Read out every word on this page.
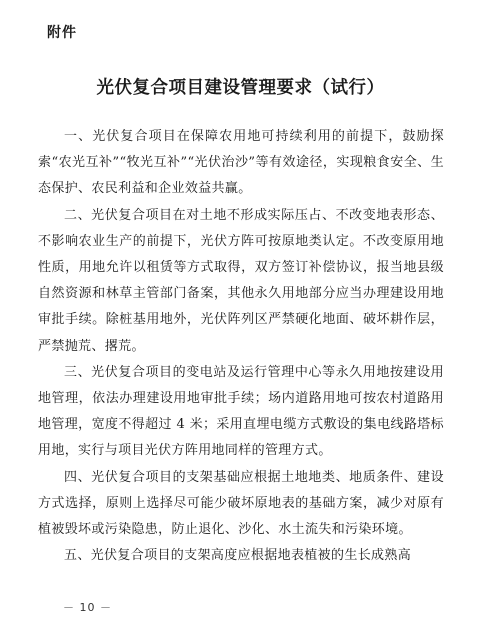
附件
光伏复合项目建设管理要求（试行）

一、光伏复合项目在保障农用地可持续利用的前提下，鼓励探索“农光互补”“牧光互补”“光伏治沙”等有效途径，实现粮食安全、生态保护、农民利益和企业效益共赢。

二、光伏复合项目在对土地不形成实际压占、不改变地表形态、不影响农业生产的前提下，光伏方阵可按原地类认定。不改变原用地性质，用地允许以租赁等方式取得，双方签订补偿协议，报当地县级自然资源和林草主管部门备案，其他永久用地部分应当办理建设用地审批手续。除桩基用地外，光伏阵列区严禁硬化地面、破坏耕作层，严禁抛荒、撂荒。

三、光伏复合项目的变电站及运行管理中心等永久用地按建设用地管理，依法办理建设用地审批手续；场内道路用地可按农村道路用地管理，宽度不得超过 4 米；采用直埋电缆方式敷设的集电线路塔标用地，实行与项目光伏方阵用地同样的管理方式。

四、光伏复合项目的支架基础应根据土地地类、地质条件、建设方式选择，原则上选择尽可能少破坏原地表的基础方案，减少对原有植被毁坏或污染隐患，防止退化、沙化、水土流失和污染环境。

五、光伏复合项目的支架高度应根据地表植被的生长成熟高

－ 10 －
